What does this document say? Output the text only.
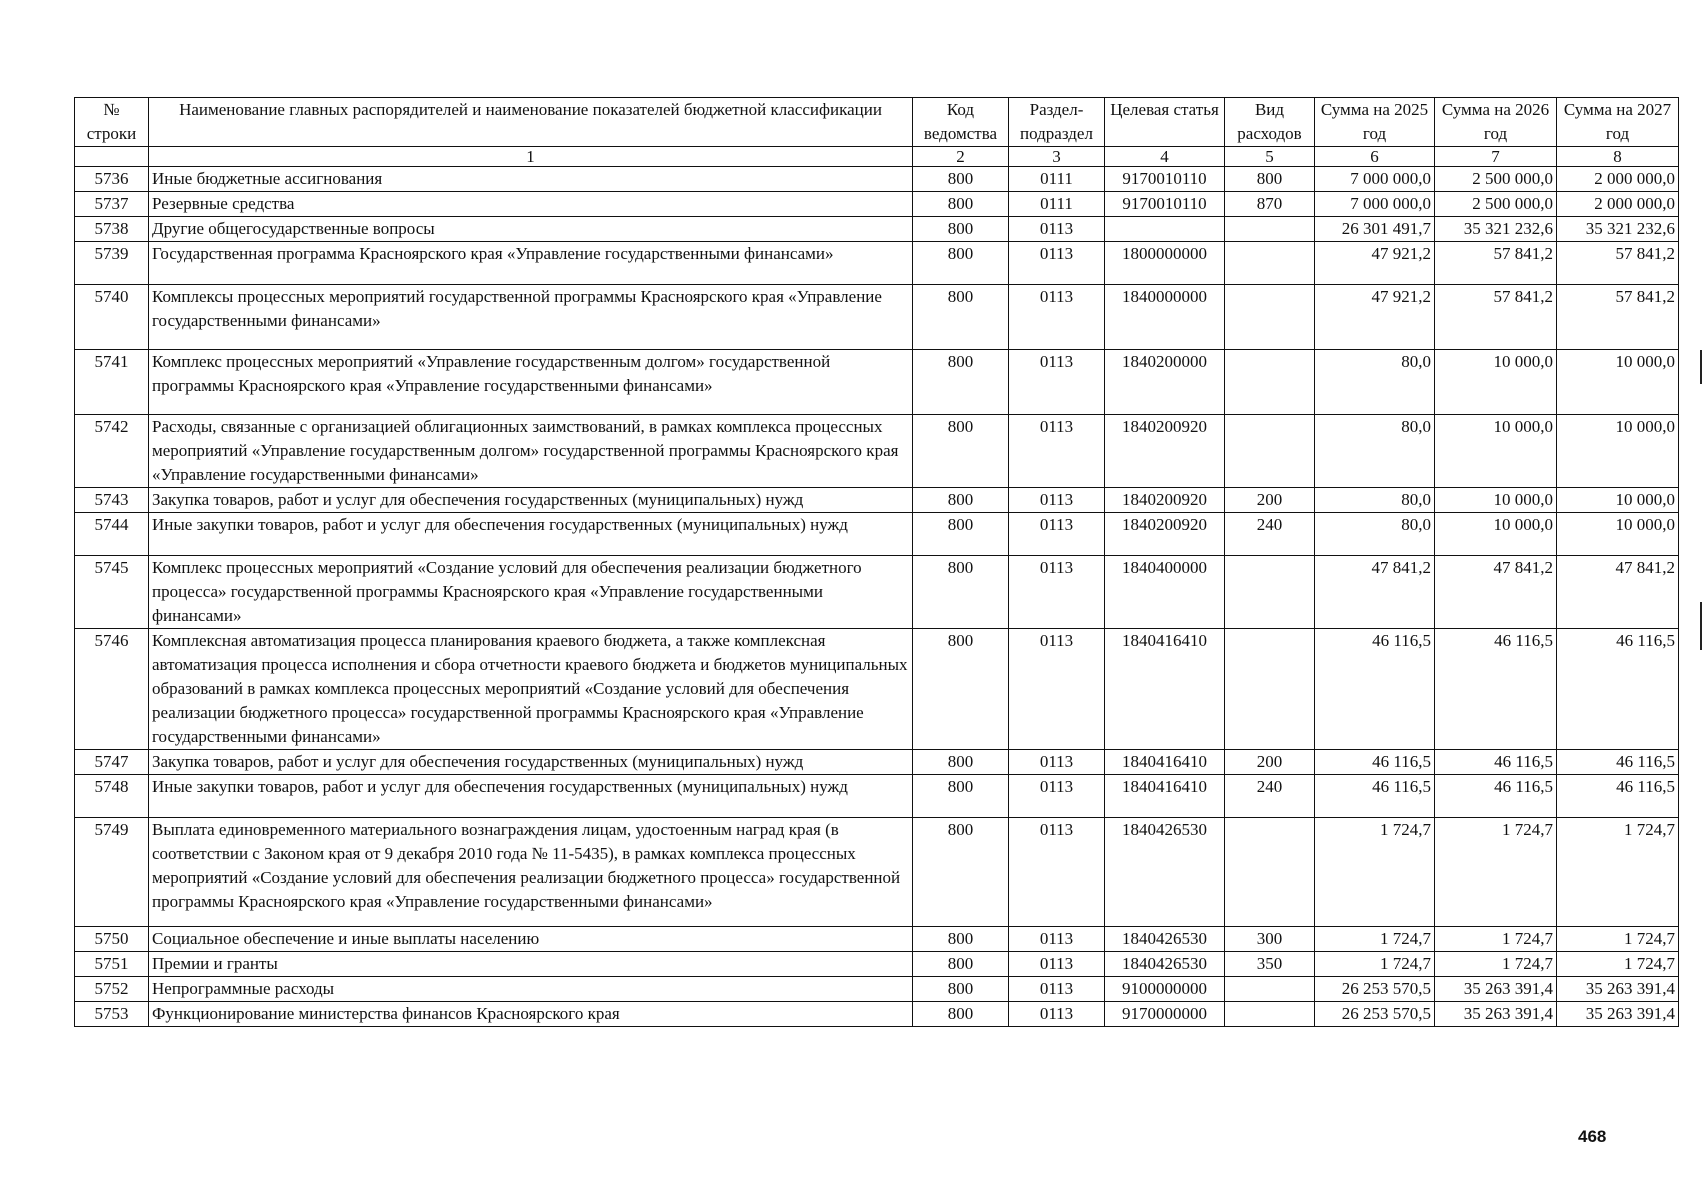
№ строки	Наименование главных распорядителей и наименование показателей бюджетной классификации	Код ведомства	Раздел-подраздел	Целевая статья	Вид расходов	Сумма на 2025 год	Сумма на 2026 год	Сумма на 2027 год
	1	2	3	4	5	6	7	8
5736	Иные бюджетные ассигнования	800	0111	9170010110	800	7 000 000,0	2 500 000,0	2 000 000,0
5737	Резервные средства	800	0111	9170010110	870	7 000 000,0	2 500 000,0	2 000 000,0
5738	Другие общегосударственные вопросы	800	0113			26 301 491,7	35 321 232,6	35 321 232,6
5739	Государственная программа Красноярского края «Управление государственными финансами»	800	0113	1800000000		47 921,2	57 841,2	57 841,2
5740	Комплексы процессных мероприятий государственной программы Красноярского края «Управление государственными финансами»	800	0113	1840000000		47 921,2	57 841,2	57 841,2
5741	Комплекс процессных мероприятий «Управление государственным долгом» государственной программы Красноярского края «Управление государственными финансами»	800	0113	1840200000		80,0	10 000,0	10 000,0
5742	Расходы, связанные с организацией облигационных заимствований, в рамках комплекса процессных мероприятий «Управление государственным долгом» государственной программы Красноярского края «Управление государственными финансами»	800	0113	1840200920		80,0	10 000,0	10 000,0
5743	Закупка товаров, работ и услуг для обеспечения государственных (муниципальных) нужд	800	0113	1840200920	200	80,0	10 000,0	10 000,0
5744	Иные закупки товаров, работ и услуг для обеспечения государственных (муниципальных) нужд	800	0113	1840200920	240	80,0	10 000,0	10 000,0
5745	Комплекс процессных мероприятий «Создание условий для обеспечения реализации бюджетного процесса» государственной программы Красноярского края «Управление государственными финансами»	800	0113	1840400000		47 841,2	47 841,2	47 841,2
5746	Комплексная автоматизация процесса планирования краевого бюджета, а также комплексная автоматизация процесса исполнения и сбора отчетности краевого бюджета и бюджетов муниципальных образований в рамках комплекса процессных мероприятий «Создание условий для обеспечения реализации бюджетного процесса» государственной программы Красноярского края «Управление государственными финансами»	800	0113	1840416410		46 116,5	46 116,5	46 116,5
5747	Закупка товаров, работ и услуг для обеспечения государственных (муниципальных) нужд	800	0113	1840416410	200	46 116,5	46 116,5	46 116,5
5748	Иные закупки товаров, работ и услуг для обеспечения государственных (муниципальных) нужд	800	0113	1840416410	240	46 116,5	46 116,5	46 116,5
5749	Выплата единовременного материального вознаграждения лицам, удостоенным наград края (в соответствии с Законом края от 9 декабря 2010 года № 11-5435), в рамках комплекса процессных мероприятий «Создание условий для обеспечения реализации бюджетного процесса» государственной программы Красноярского края «Управление государственными финансами»	800	0113	1840426530		1 724,7	1 724,7	1 724,7
5750	Социальное обеспечение и иные выплаты населению	800	0113	1840426530	300	1 724,7	1 724,7	1 724,7
5751	Премии и гранты	800	0113	1840426530	350	1 724,7	1 724,7	1 724,7
5752	Непрограммные расходы	800	0113	9100000000		26 253 570,5	35 263 391,4	35 263 391,4
5753	Функционирование министерства финансов Красноярского края	800	0113	9170000000		26 253 570,5	35 263 391,4	35 263 391,4
468
